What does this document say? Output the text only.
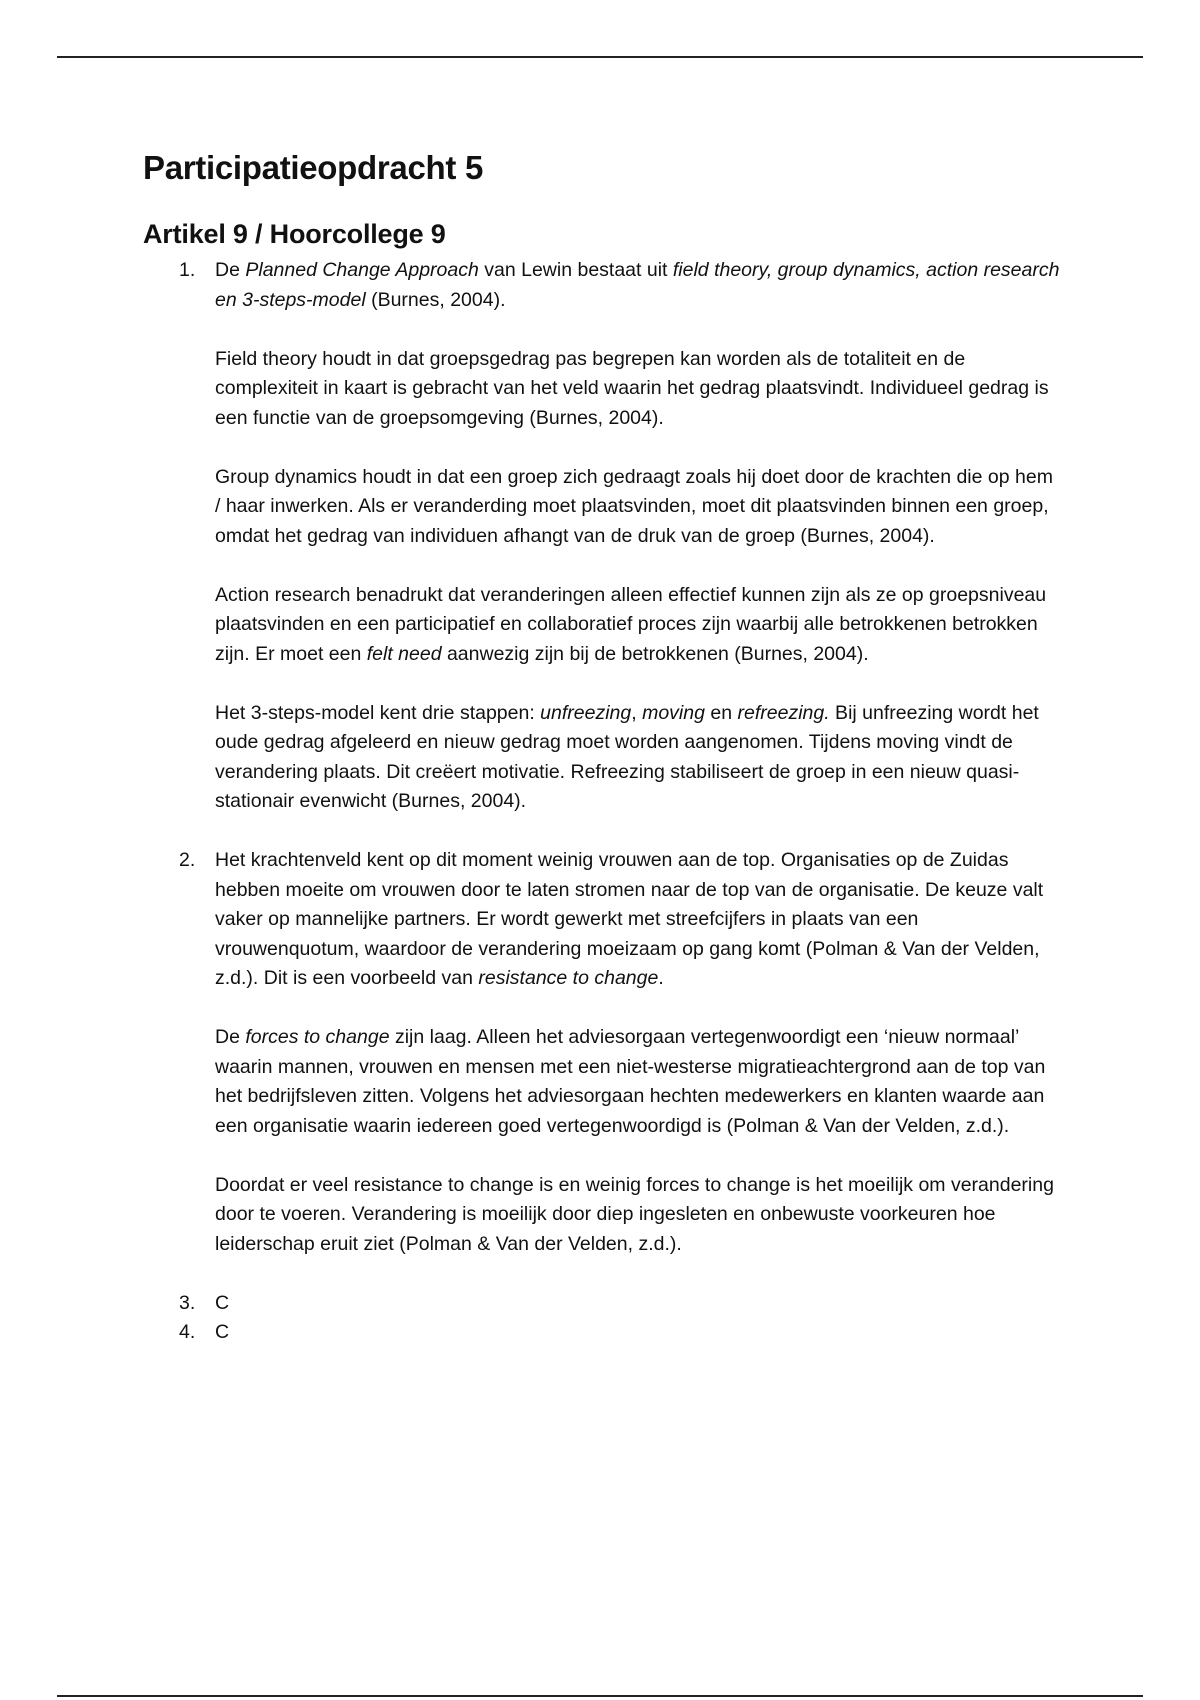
Participatieopdracht 5
Artikel 9 / Hoorcollege 9
1. De Planned Change Approach van Lewin bestaat uit field theory, group dynamics, action research en 3-steps-model (Burnes, 2004).

Field theory houdt in dat groepsgedrag pas begrepen kan worden als de totaliteit en de complexiteit in kaart is gebracht van het veld waarin het gedrag plaatsvindt. Individueel gedrag is een functie van de groepsomgeving (Burnes, 2004).

Group dynamics houdt in dat een groep zich gedraagt zoals hij doet door de krachten die op hem / haar inwerken. Als er veranderding moet plaatsvinden, moet dit plaatsvinden binnen een groep, omdat het gedrag van individuen afhangt van de druk van de groep (Burnes, 2004).

Action research benadrukt dat veranderingen alleen effectief kunnen zijn als ze op groepsniveau plaatsvinden en een participatief en collaboratief proces zijn waarbij alle betrokkenen betrokken zijn. Er moet een felt need aanwezig zijn bij de betrokkenen (Burnes, 2004).

Het 3-steps-model kent drie stappen: unfreezing, moving en refreezing. Bij unfreezing wordt het oude gedrag afgeleerd en nieuw gedrag moet worden aangenomen. Tijdens moving vindt de verandering plaats. Dit creëert motivatie. Refreezing stabiliseert de groep in een nieuw quasi-stationair evenwicht (Burnes, 2004).

2. Het krachtenveld kent op dit moment weinig vrouwen aan de top. Organisaties op de Zuidas hebben moeite om vrouwen door te laten stromen naar de top van de organisatie. De keuze valt vaker op mannelijke partners. Er wordt gewerkt met streefcijfers in plaats van een vrouwenquotum, waardoor de verandering moeizaam op gang komt (Polman & Van der Velden, z.d.). Dit is een voorbeeld van resistance to change.

De forces to change zijn laag. Alleen het adviesorgaan vertegenwoordigt een ‘nieuw normaal’ waarin mannen, vrouwen en mensen met een niet-westerse migratieachtergrond aan de top van het bedrijfsleven zitten. Volgens het adviesorgaan hechten medewerkers en klanten waarde aan een organisatie waarin iedereen goed vertegenwoordigd is (Polman & Van der Velden, z.d.).

Doordat er veel resistance to change is en weinig forces to change is het moeilijk om verandering door te voeren. Verandering is moeilijk door diep ingesleten en onbewuste voorkeuren hoe leiderschap eruit ziet (Polman & Van der Velden, z.d.).

3. C

4. C
